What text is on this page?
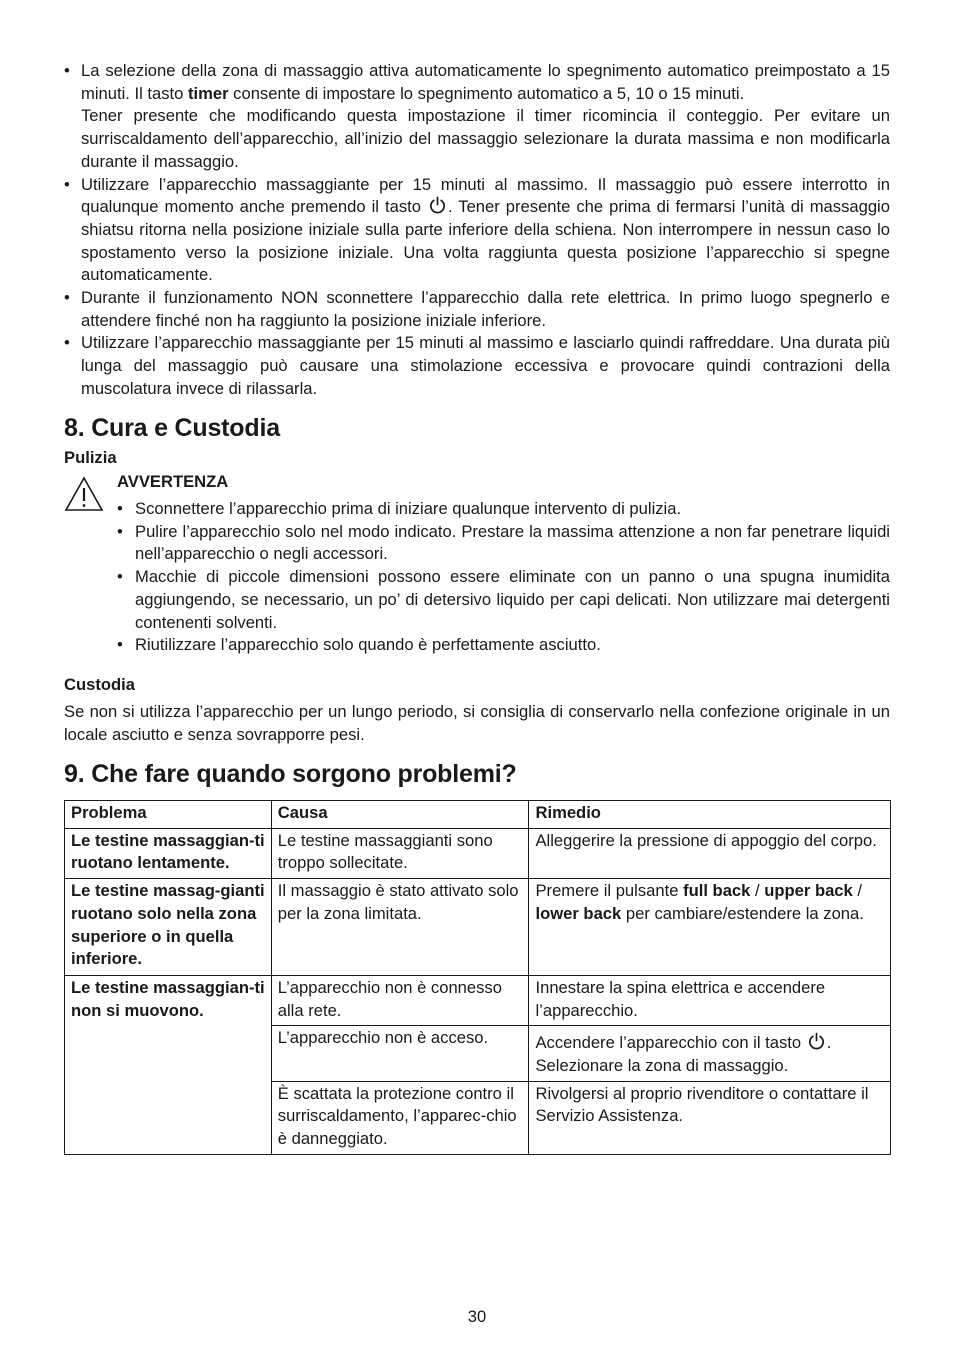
• La selezione della zona di massaggio attiva automaticamente lo spegnimento automatico preimpostato a 15 minuti. Il tasto timer consente di impostare lo spegnimento automatico a 5, 10 o 15 minuti.

Tener presente che modificando questa impostazione il timer ricomincia il conteggio. Per evitare un surriscaldamento dell’apparecchio, all’inizio del massaggio selezionare la durata massima e non modificarla durante il massaggio.

• Utilizzare l’apparecchio massaggiante per 15 minuti al massimo. Il massaggio può essere interrotto in qualunque momento anche premendo il tasto . Tener presente che prima di fermarsi l’unità di massaggio shiatsu ritorna nella posizione iniziale sulla parte inferiore della schiena. Non interrompere in nessun caso lo spostamento verso la posizione iniziale. Una volta raggiunta questa posizione l’apparecchio si spegne automaticamente.

• Durante il funzionamento NON sconnettere l’apparecchio dalla rete elettrica. In primo luogo spegnerlo e attendere finché non ha raggiunto la posizione iniziale inferiore.

• Utilizzare l’apparecchio massaggiante per 15 minuti al massimo e lasciarlo quindi raffreddare. Una durata più lunga del massaggio può causare una stimolazione eccessiva e provocare quindi contrazioni della muscolatura invece di rilassarla.

8. Cura e Custodia

Pulizia

AVVERTENZA

• Sconnettere l’apparecchio prima di iniziare qualunque intervento di pulizia.
• Pulire l’apparecchio solo nel modo indicato. Prestare la massima attenzione a non far penetrare liquidi nell’apparecchio o negli accessori.
• Macchie di piccole dimensioni possono essere eliminate con un panno o una spugna inumidita aggiungendo, se necessario, un po’ di detersivo liquido per capi delicati. Non utilizzare mai detergenti contenenti solventi.
• Riutilizzare l’apparecchio solo quando è perfettamente asciutto.

Custodia

Se non si utilizza l’apparecchio per un lungo periodo, si consiglia di conservarlo nella confezione originale in un locale asciutto e senza sovrapporre pesi.

9. Che fare quando sorgono problemi?
Problema	Causa	Rimedio
Le testine massaggian-ti ruotano lentamente.	Le testine massaggianti sono troppo sollecitate.	Alleggerire la pressione di appoggio del corpo.
Le testine massag-gianti ruotano solo nella zona superiore o in quella inferiore.	Il massaggio è stato attivato solo per la zona limitata.	Premere il pulsante full back / upper back / lower back per cambiare/estendere la zona.
Le testine massaggian-ti non si muovono.	L’apparecchio non è connesso alla rete.	Innestare la spina elettrica e accendere l’apparecchio.
	L’apparecchio non è acceso.	Accendere l’apparecchio con il tasto . Selezionare la zona di massaggio.
	È scattata la protezione contro il surriscaldamento, l’apparec-chio è danneggiato.	Rivolgersi al proprio rivenditore o contattare il Servizio Assistenza.

30
